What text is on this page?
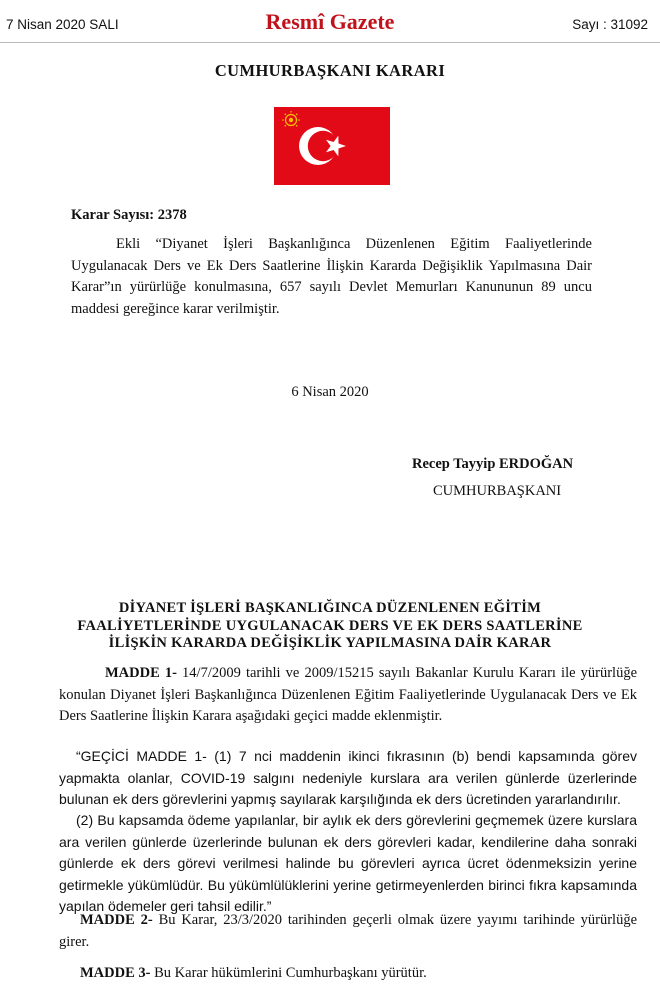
7 Nisan 2020 SALI	Resmî Gazete	Sayı : 31092
CUMHURBAŞKANI KARARI
Karar Sayısı: 2378

Ekli “Diyanet İşleri Başkanlığınca Düzenlenen Eğitim Faaliyetlerinde Uygulanacak Ders ve Ek Ders Saatlerine İlişkin Kararda Değişiklik Yapılmasına Dair Karar”ın yürürlüğe konulmasına, 657 sayılı Devlet Memurları Kanununun 89 uncu maddesi gereğince karar verilmiştir.

6 Nisan 2020
Recep Tayyip ERDOĞAN
CUMHURBAŞKANI
DİYANET İŞLERİ BAŞKANLIĞINCA DÜZENLENEN EĞİTİM
FAALİYETLERİNDE UYGULANACAK DERS VE EK DERS SAATLERİNE
İLİŞKİN KARARDA DEĞİŞİKLİK YAPILMASINA DAİR KARAR

MADDE 1- 14/7/2009 tarihli ve 2009/15215 sayılı Bakanlar Kurulu Kararı ile yürürlüğe konulan Diyanet İşleri Başkanlığınca Düzenlenen Eğitim Faaliyetlerinde Uygulanacak Ders ve Ek Ders Saatlerine İlişkin Karara aşağıdaki geçici madde eklenmiştir.

“GEÇİCİ MADDE 1- (1) 7 nci maddenin ikinci fıkrasının (b) bendi kapsamında görev yapmakta olanlar, COVID-19 salgını nedeniyle kurslara ara verilen günlerde üzerlerinde bulunan ek ders görevlerini yapmış sayılarak karşılığında ek ders ücretinden yararlandırılır.

(2) Bu kapsamda ödeme yapılanlar, bir aylık ek ders görevlerini geçmemek üzere kurslara ara verilen günlerde üzerlerinde bulunan ek ders görevleri kadar, kendilerine daha sonraki günlerde ek ders görevi verilmesi halinde bu görevleri ayrıca ücret ödenmeksizin yerine getirmekle yükümlüdür. Bu yükümlülüklerini yerine getirmeyenlerden birinci fıkra kapsamında yapılan ödemeler geri tahsil edilir.”

MADDE 2- Bu Karar, 23/3/2020 tarihinden geçerli olmak üzere yayımı tarihinde yürürlüğe girer.

MADDE 3- Bu Karar hükümlerini Cumhurbaşkanı yürütür.
